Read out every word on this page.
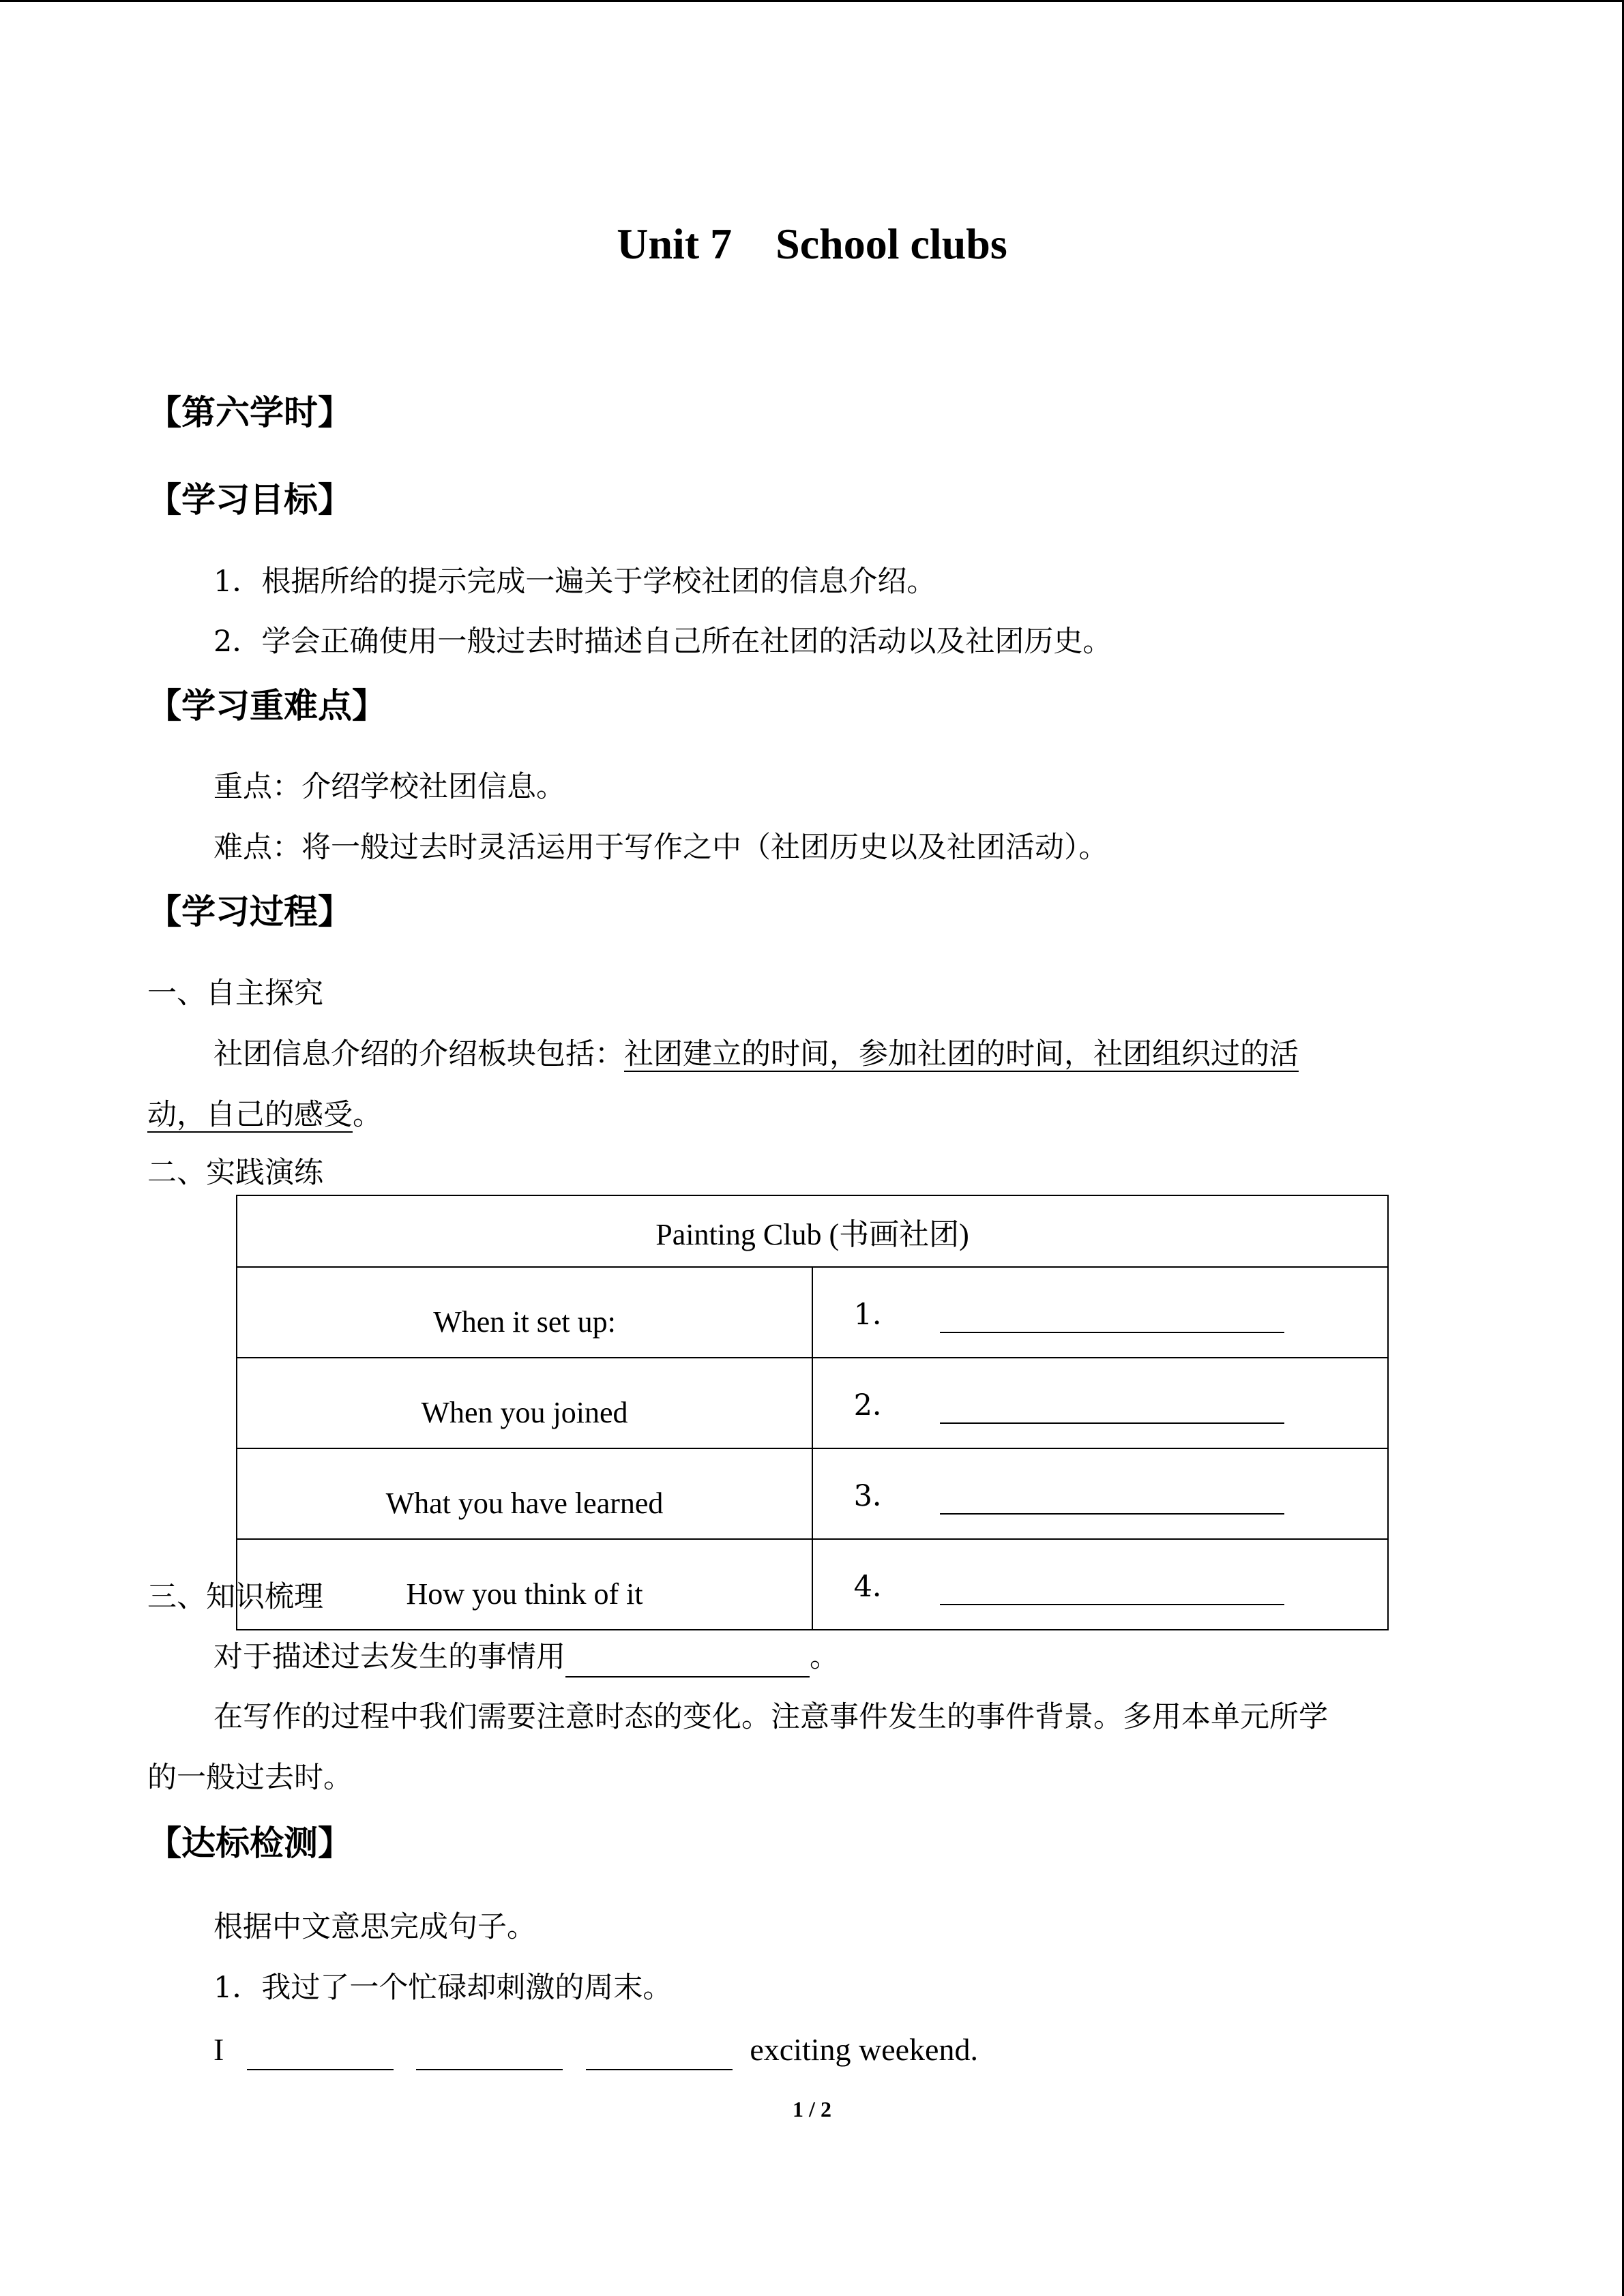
Unit 7    School clubs
【第六学时】
【学习目标】
1．根据所给的提示完成一遍关于学校社团的信息介绍。
2．学会正确使用一般过去时描述自己所在社团的活动以及社团历史。
【学习重难点】
重点：介绍学校社团信息。
难点：将一般过去时灵活运用于写作之中（社团历史以及社团活动）。
【学习过程】
一、自主探究
社团信息介绍的介绍板块包括：社团建立的时间，参加社团的时间，社团组织过的活
动，自己的感受。
二、实践演练
Painting Club (书画社团)	
When it set up:	1．
When you joined	2．
What you have learned	3．
How you think of it	4．
三、知识梳理
对于描述过去发生的事情用	。
在写作的过程中我们需要注意时态的变化。注意事件发生的事件背景。多用本单元所学
的一般过去时。
【达标检测】
根据中文意思完成句子。
1．我过了一个忙碌却刺激的周末。
I	exciting weekend.
1 / 2
